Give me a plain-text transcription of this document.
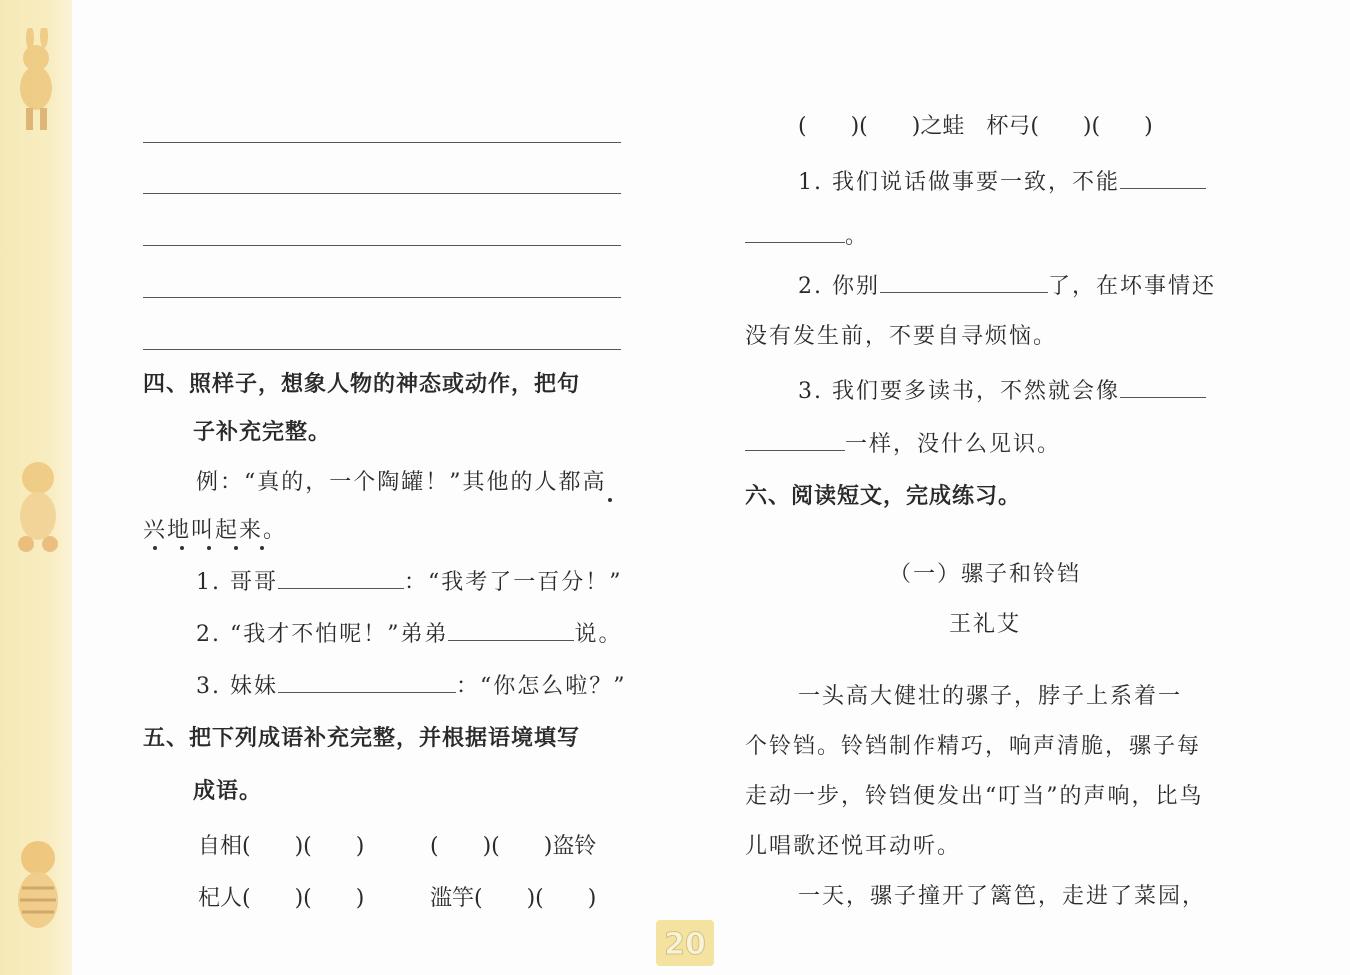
四、照样子，想象人物的神态或动作，把句
子补充完整。
例：“真的，一个陶罐！”其他的人都高
兴地叫起来。
1. 哥哥	：“我考了一百分！”
2. “我才不怕呢！”弟弟	说。
3. 妹妹	：“你怎么啦？”
五、把下列成语补充完整，并根据语境填写
成语。
自相(　　)(　　)	(　　)(　　)盗铃
杞人(　　)(　　)	滥竽(　　)(　　)
(　　)(　　)之蛙　杯弓(　　)(　　)
1. 我们说话做事要一致，不能
。
2. 你别	了，在坏事情还
没有发生前，不要自寻烦恼。
3. 我们要多读书，不然就会像
一样，没什么见识。
六、阅读短文，完成练习。
（一）骡子和铃铛
王礼艾
一头高大健壮的骡子，脖子上系着一
个铃铛。铃铛制作精巧，响声清脆，骡子每
走动一步，铃铛便发出“叮当”的声响，比鸟
儿唱歌还悦耳动听。
一天，骡子撞开了篱笆，走进了菜园，
20
